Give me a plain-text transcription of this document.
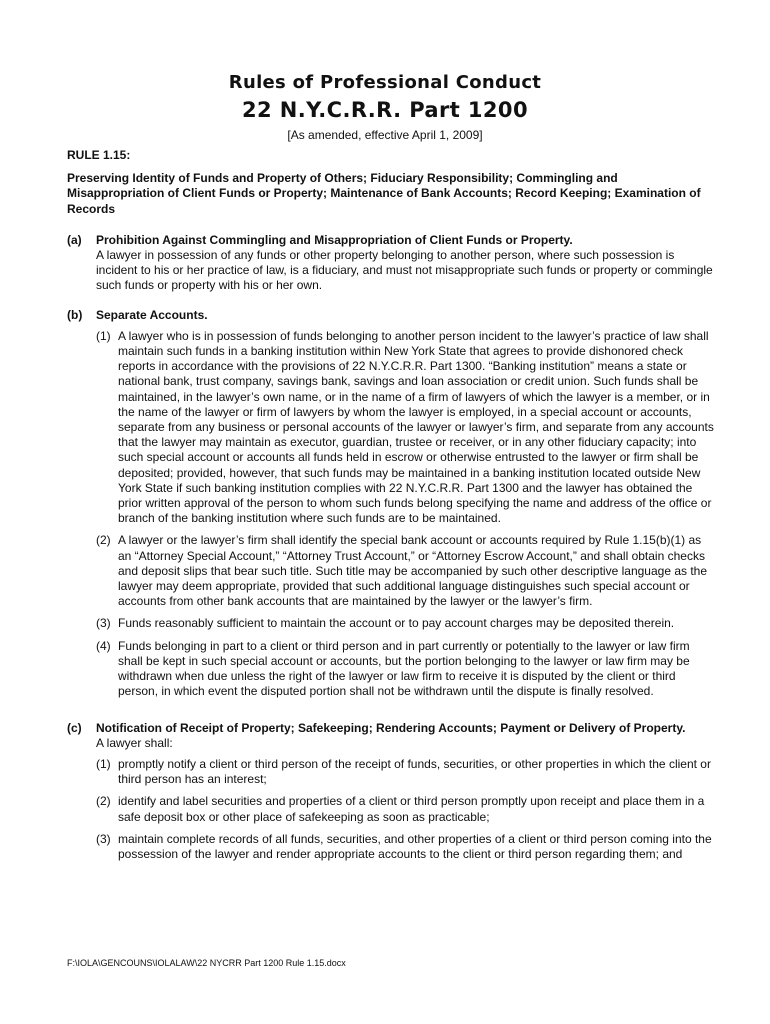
Rules of Professional Conduct
22 N.Y.C.R.R. Part 1200
[As amended, effective April 1, 2009]
RULE 1.15:
Preserving Identity of Funds and Property of Others; Fiduciary Responsibility; Commingling and Misappropriation of Client Funds or Property; Maintenance of Bank Accounts; Record Keeping; Examination of Records
(a)	Prohibition Against Commingling and Misappropriation of Client Funds or Property.

A lawyer in possession of any funds or other property belonging to another person, where such possession is incident to his or her practice of law, is a fiduciary, and must not misappropriate such funds or property or commingle such funds or property with his or her own.

(b)	Separate Accounts.
(1) A lawyer who is in possession of funds belonging to another person incident to the lawyer’s practice of law shall maintain such funds in a banking institution within New York State that agrees to provide dishonored check reports in accordance with the provisions of 22 N.Y.C.R.R. Part 1300. “Banking institution” means a state or national bank, trust company, savings bank, savings and loan association or credit union. Such funds shall be maintained, in the lawyer’s own name, or in the name of a firm of lawyers of which the lawyer is a member, or in the name of the lawyer or firm of lawyers by whom the lawyer is employed, in a special account or accounts, separate from any business or personal accounts of the lawyer or lawyer’s firm, and separate from any accounts that the lawyer may maintain as executor, guardian, trustee or receiver, or in any other fiduciary capacity; into such special account or accounts all funds held in escrow or otherwise entrusted to the lawyer or firm shall be deposited; provided, however, that such funds may be maintained in a banking institution located outside New York State if such banking institution complies with 22 N.Y.C.R.R. Part 1300 and the lawyer has obtained the prior written approval of the person to whom such funds belong specifying the name and address of the office or branch of the banking institution where such funds are to be maintained.
(2) A lawyer or the lawyer’s firm shall identify the special bank account or accounts required by Rule 1.15(b)(1) as an “Attorney Special Account,” “Attorney Trust Account,” or “Attorney Escrow Account,” and shall obtain checks and deposit slips that bear such title. Such title may be accompanied by such other descriptive language as the lawyer may deem appropriate, provided that such additional language distinguishes such special account or accounts from other bank accounts that are maintained by the lawyer or the lawyer’s firm.
(3) Funds reasonably sufficient to maintain the account or to pay account charges may be deposited therein.
(4) Funds belonging in part to a client or third person and in part currently or potentially to the lawyer or law firm shall be kept in such special account or accounts, but the portion belonging to the lawyer or law firm may be withdrawn when due unless the right of the lawyer or law firm to receive it is disputed by the client or third person, in which event the disputed portion shall not be withdrawn until the dispute is finally resolved.
(c)	Notification of Receipt of Property; Safekeeping; Rendering Accounts; Payment or Delivery of Property.

A lawyer shall:

(1) promptly notify a client or third person of the receipt of funds, securities, or other properties in which the client or third person has an interest;
(2) identify and label securities and properties of a client or third person promptly upon receipt and place them in a safe deposit box or other place of safekeeping as soon as practicable;
(3) maintain complete records of all funds, securities, and other properties of a client or third person coming into the possession of the lawyer and render appropriate accounts to the client or third person regarding them; and
F:\IOLA\GENCOUNS\IOLALAW\22 NYCRR Part 1200 Rule 1.15.docx
